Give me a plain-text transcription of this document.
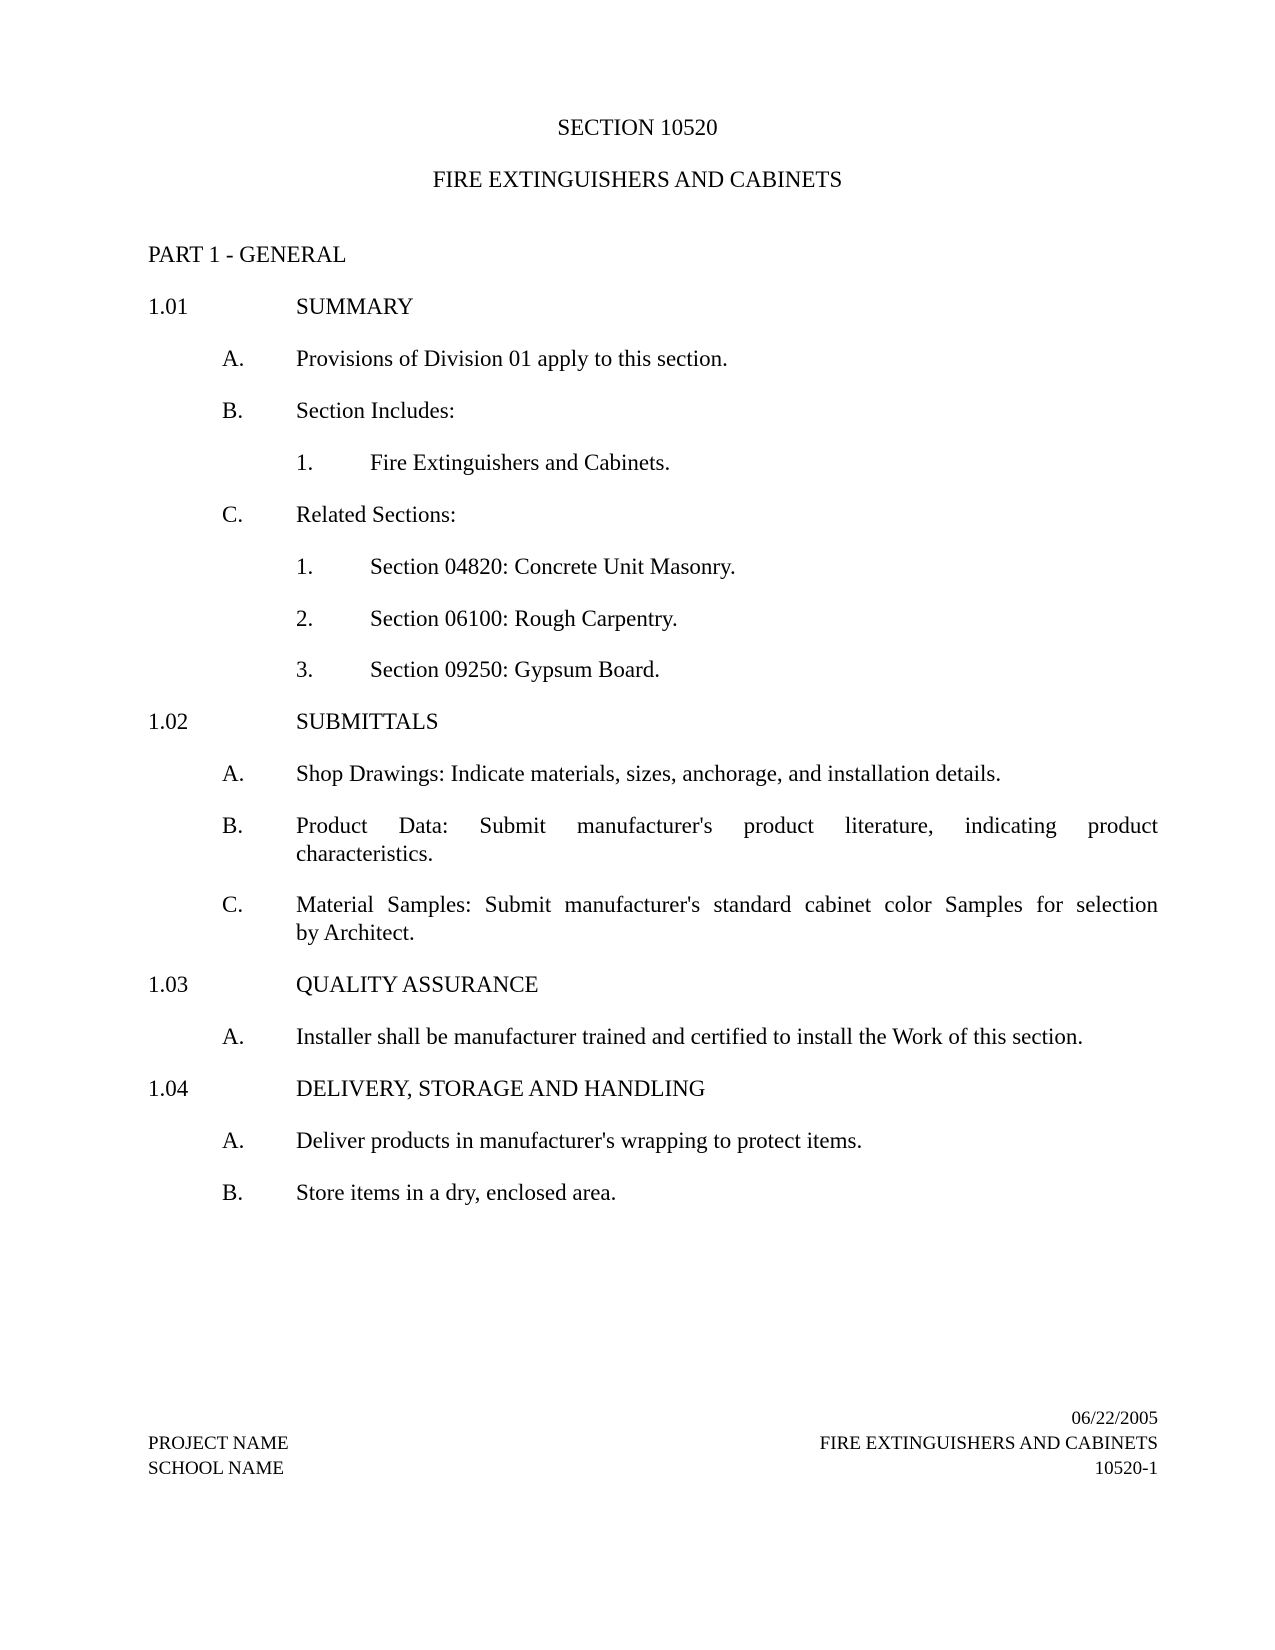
SECTION 10520
FIRE EXTINGUISHERS AND CABINETS
PART 1 - GENERAL
1.01	SUMMARY
A. Provisions of Division 01 apply to this section.
B. Section Includes:
1. Fire Extinguishers and Cabinets.
C. Related Sections:
1. Section 04820: Concrete Unit Masonry.
2. Section 06100: Rough Carpentry.
3. Section 09250: Gypsum Board.
1.02	SUBMITTALS
A. Shop Drawings: Indicate materials, sizes, anchorage, and installation details.
B. Product Data: Submit manufacturer's product literature, indicating product
characteristics.
C. Material Samples: Submit manufacturer's standard cabinet color Samples for selection
by Architect.
1.03	QUALITY ASSURANCE
A. Installer shall be manufacturer trained and certified to install the Work of this section.
1.04	DELIVERY, STORAGE AND HANDLING
A. Deliver products in manufacturer's wrapping to protect items.
B. Store items in a dry, enclosed area.
PROJECT NAME
SCHOOL NAME
06/22/2005
FIRE EXTINGUISHERS AND CABINETS
10520-1
